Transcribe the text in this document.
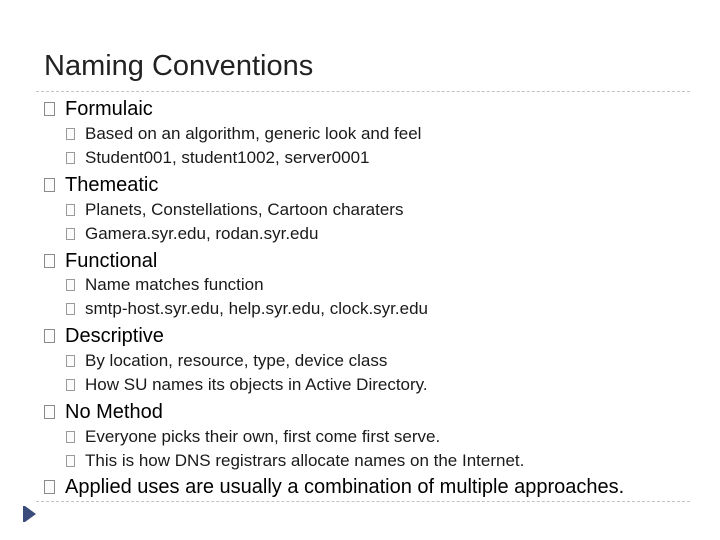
Naming Conventions
Formulaic
Based on an algorithm, generic look and feel
Student001, student1002, server0001
Themeatic
Planets, Constellations, Cartoon charaters
Gamera.syr.edu, rodan.syr.edu
Functional
Name matches function
smtp-host.syr.edu, help.syr.edu, clock.syr.edu
Descriptive
By location, resource, type, device class
How SU names its objects in Active Directory.
No Method
Everyone picks their own, first come first serve.
This is how DNS registrars allocate names on the Internet.
Applied uses are usually a combination of multiple approaches.
